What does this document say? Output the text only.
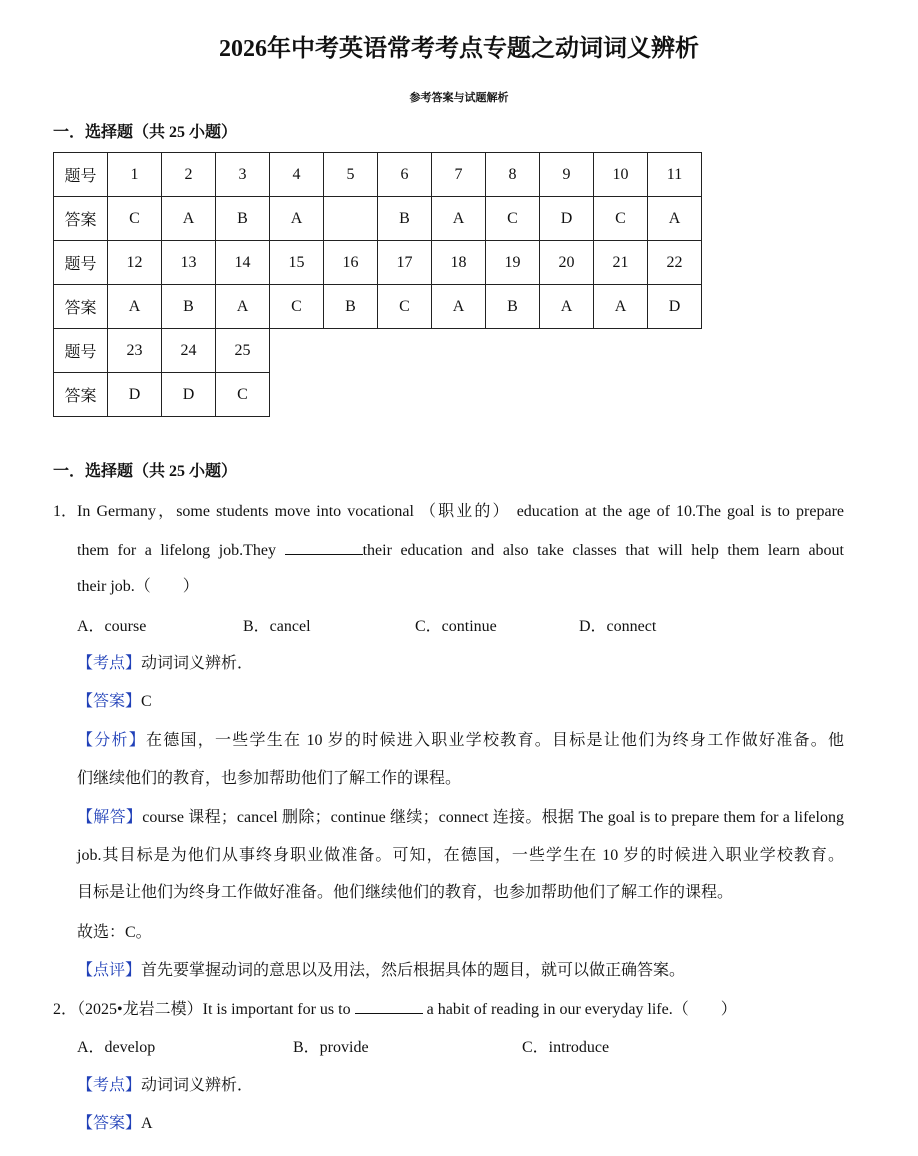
2026年中考英语常考考点专题之动词词义辨析
参考答案与试题解析
一．选择题（共 25 小题）
题号	1	2	3	4	5	6	7	8	9	10	11
答案	C	A	B	A		B	A	C	D	C	A
题号	12	13	14	15	16	17	18	19	20	21	22
答案	A	B	A	C	B	C	A	B	A	A	D
题号	23	24	25								
答案	D	D	C								
一．选择题（共 25 小题）
1． In Germany，some students move into vocational （职业的） education at the age of 10.The goal is to prepare
them for a lifelong job.They	their education and also take classes that will help them learn about
their job.（　　）
A．course	B．cancel	C．continue	D．connect
【考点】动词词义辨析．
【答案】C
【分析】在德国，一些学生在 10 岁的时候进入职业学校教育。目标是让他们为终身工作做好准备。他
们继续他们的教育，也参加帮助他们了解工作的课程。
【解答】course 课程；cancel 删除；continue 继续；connect 连接。根据 The goal is to prepare them for a lifelong
job.其目标是为他们从事终身职业做准备。可知，在德国，一些学生在 10 岁的时候进入职业学校教育。
目标是让他们为终身工作做好准备。他们继续他们的教育，也参加帮助他们了解工作的课程。
故选：C。
【点评】首先要掌握动词的意思以及用法，然后根据具体的题目，就可以做正确答案。
2．（2025•龙岩二模）It is important for us to	a habit of reading in our everyday life.（　　）
A．develop	B．provide	C．introduce
【考点】动词词义辨析．
【答案】A
